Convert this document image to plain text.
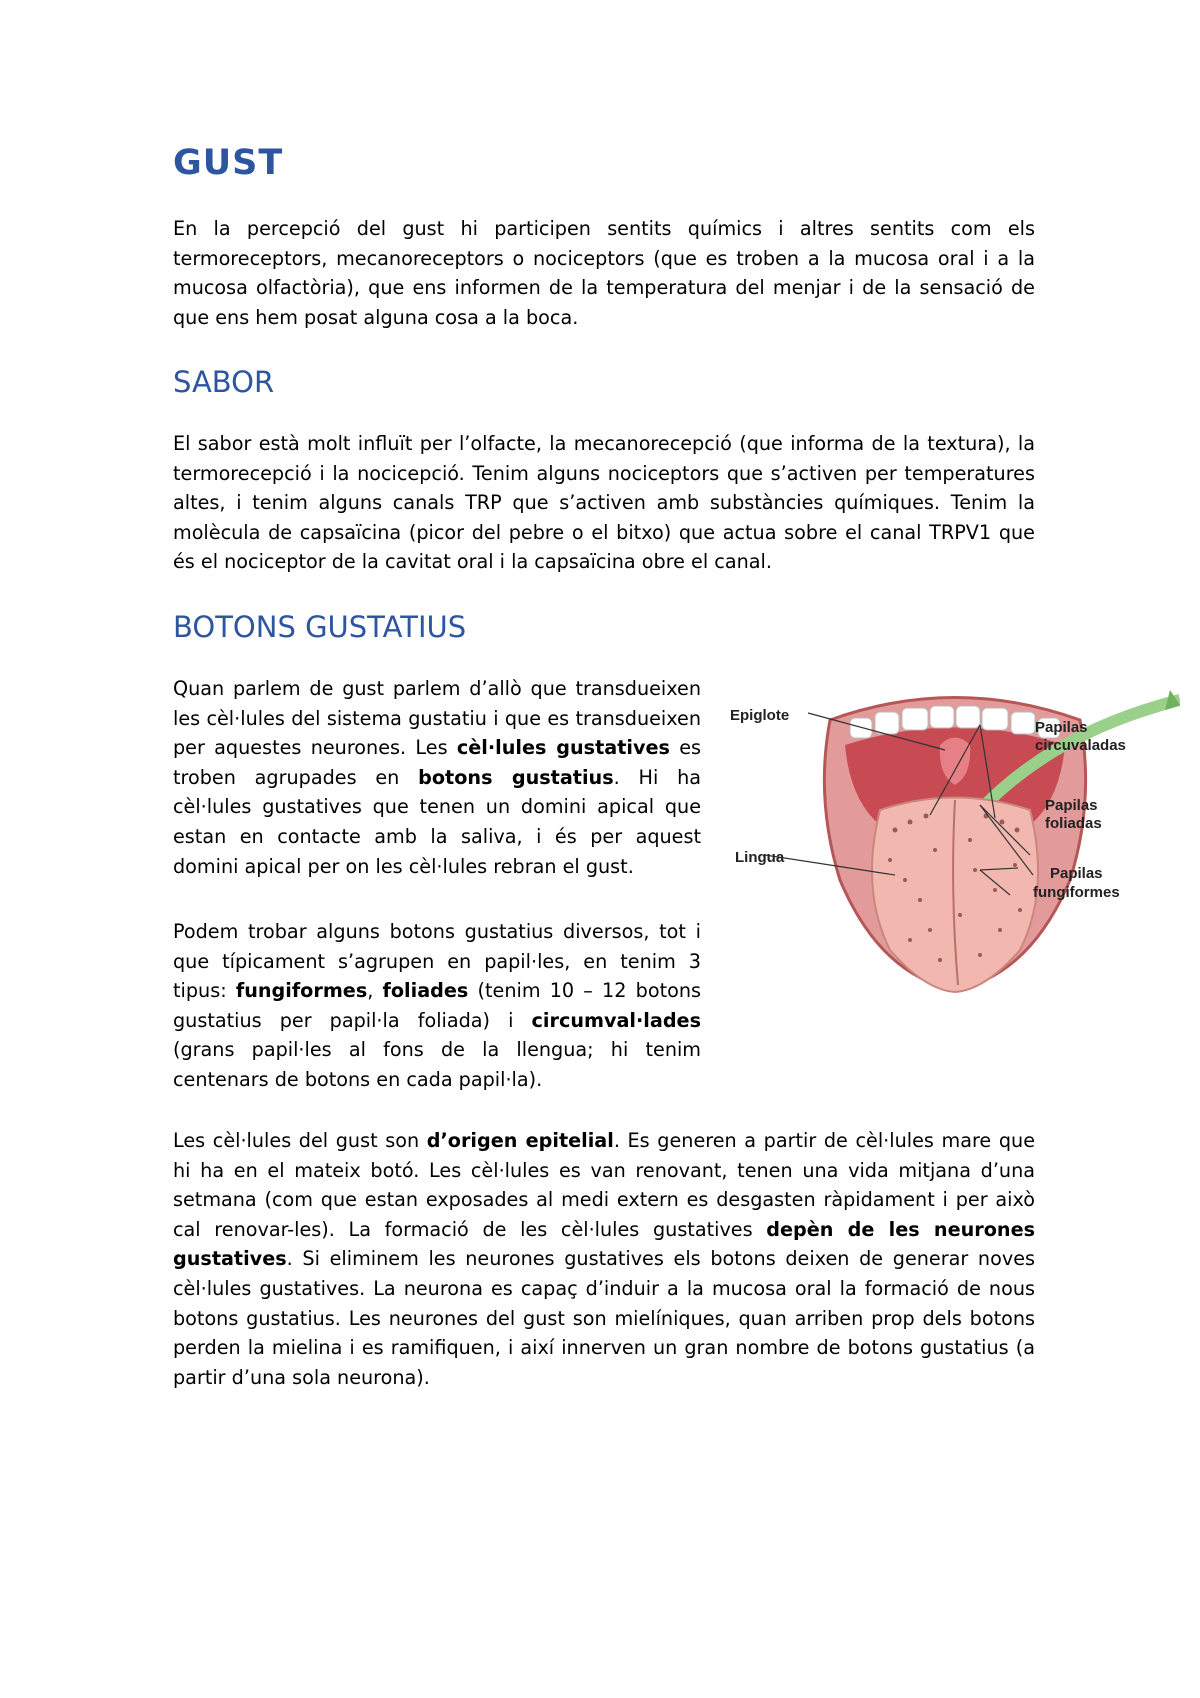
GUST

En la percepció del gust hi participen sentits químics i altres sentits com els termoreceptors, mecanoreceptors o nociceptors (que es troben a la mucosa oral i a la mucosa olfactòria), que ens informen de la temperatura del menjar i de la sensació de que ens hem posat alguna cosa a la boca.

SABOR

El sabor està molt influït per l’olfacte, la mecanorecepció (que informa de la textura), la termorecepció i la nocicepció. Tenim alguns nociceptors que s’activen per temperatures altes, i tenim alguns canals TRP que s’activen amb substàncies químiques. Tenim la molècula de capsaïcina (picor del pebre o el bitxo) que actua sobre el canal TRPV1 que és el nociceptor de la cavitat oral i la capsaïcina obre el canal.

BOTONS GUSTATIUS

Quan parlem de gust parlem d’allò que transdueixen les cèl·lules del sistema gustatiu i que es transdueixen per aquestes neurones. Les cèl·lules gustatives es troben agrupades en botons gustatius. Hi ha cèl·lules gustatives que tenen un domini apical que estan en contacte amb la saliva, i és per aquest domini apical per on les cèl·lules rebran el gust.

Podem trobar alguns botons gustatius diversos, tot i que típicament s’agrupen en papil·les, en tenim 3 tipus: fungiformes, foliades (tenim 10 – 12 botons gustatius per papil·la foliada) i circumval·lades (grans papil·les al fons de la llengua; hi tenim centenars de botons en cada papil·la).

Les cèl·lules del gust son d’origen epitelial. Es generen a partir de cèl·lules mare que hi ha en el mateix botó. Les cèl·lules es van renovant, tenen una vida mitjana d’una setmana (com que estan exposades al medi extern es desgasten ràpidament i per això cal renovar-les). La formació de les cèl·lules gustatives depèn de les neurones gustatives. Si eliminem les neurones gustatives els botons deixen de generar noves cèl·lules gustatives. La neurona es capaç d’induir a la mucosa oral la formació de nous botons gustatius. Les neurones del gust son mielíniques, quan arriben prop dels botons perden la mielina i es ramifiquen, i així innerven un gran nombre de botons gustatius (a partir d’una sola neurona).

Epiglote
Papilas
circuvaladas
Papilas
foliadas
Lingua
Papilas
fungiformes
